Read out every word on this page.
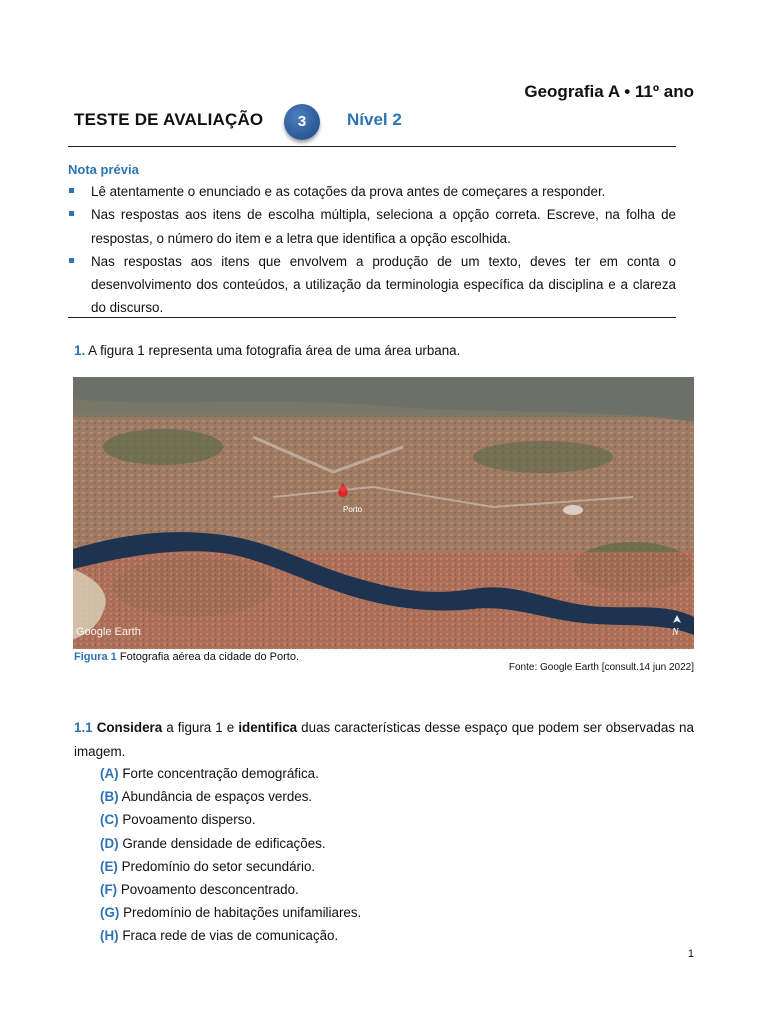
Geografia A • 11º ano
TESTE DE AVALIAÇÃO	3	Nível 2
Nota prévia
Lê atentamente o enunciado e as cotações da prova antes de começares a responder.
Nas respostas aos itens de escolha múltipla, seleciona a opção correta. Escreve, na folha de respostas, o número do item e a letra que identifica a opção escolhida.
Nas respostas aos itens que envolvem a produção de um texto, deves ter em conta o desenvolvimento dos conteúdos, a utilização da terminologia específica da disciplina e a clareza do discurso.
1. A figura 1 representa uma fotografia área de uma área urbana.
Porto
Google Earth	N
Figura 1 Fotografia aérea da cidade do Porto.
Fonte: Google Earth [consult.14 jun 2022]
1.1 Considera a figura 1 e identifica duas características desse espaço que podem ser observadas na imagem.
(A) Forte concentração demográfica.
(B) Abundância de espaços verdes.
(C) Povoamento disperso.
(D) Grande densidade de edificações.
(E) Predomínio do setor secundário.
(F) Povoamento desconcentrado.
(G) Predomínio de habitações unifamiliares.
(H) Fraca rede de vias de comunicação.
1
